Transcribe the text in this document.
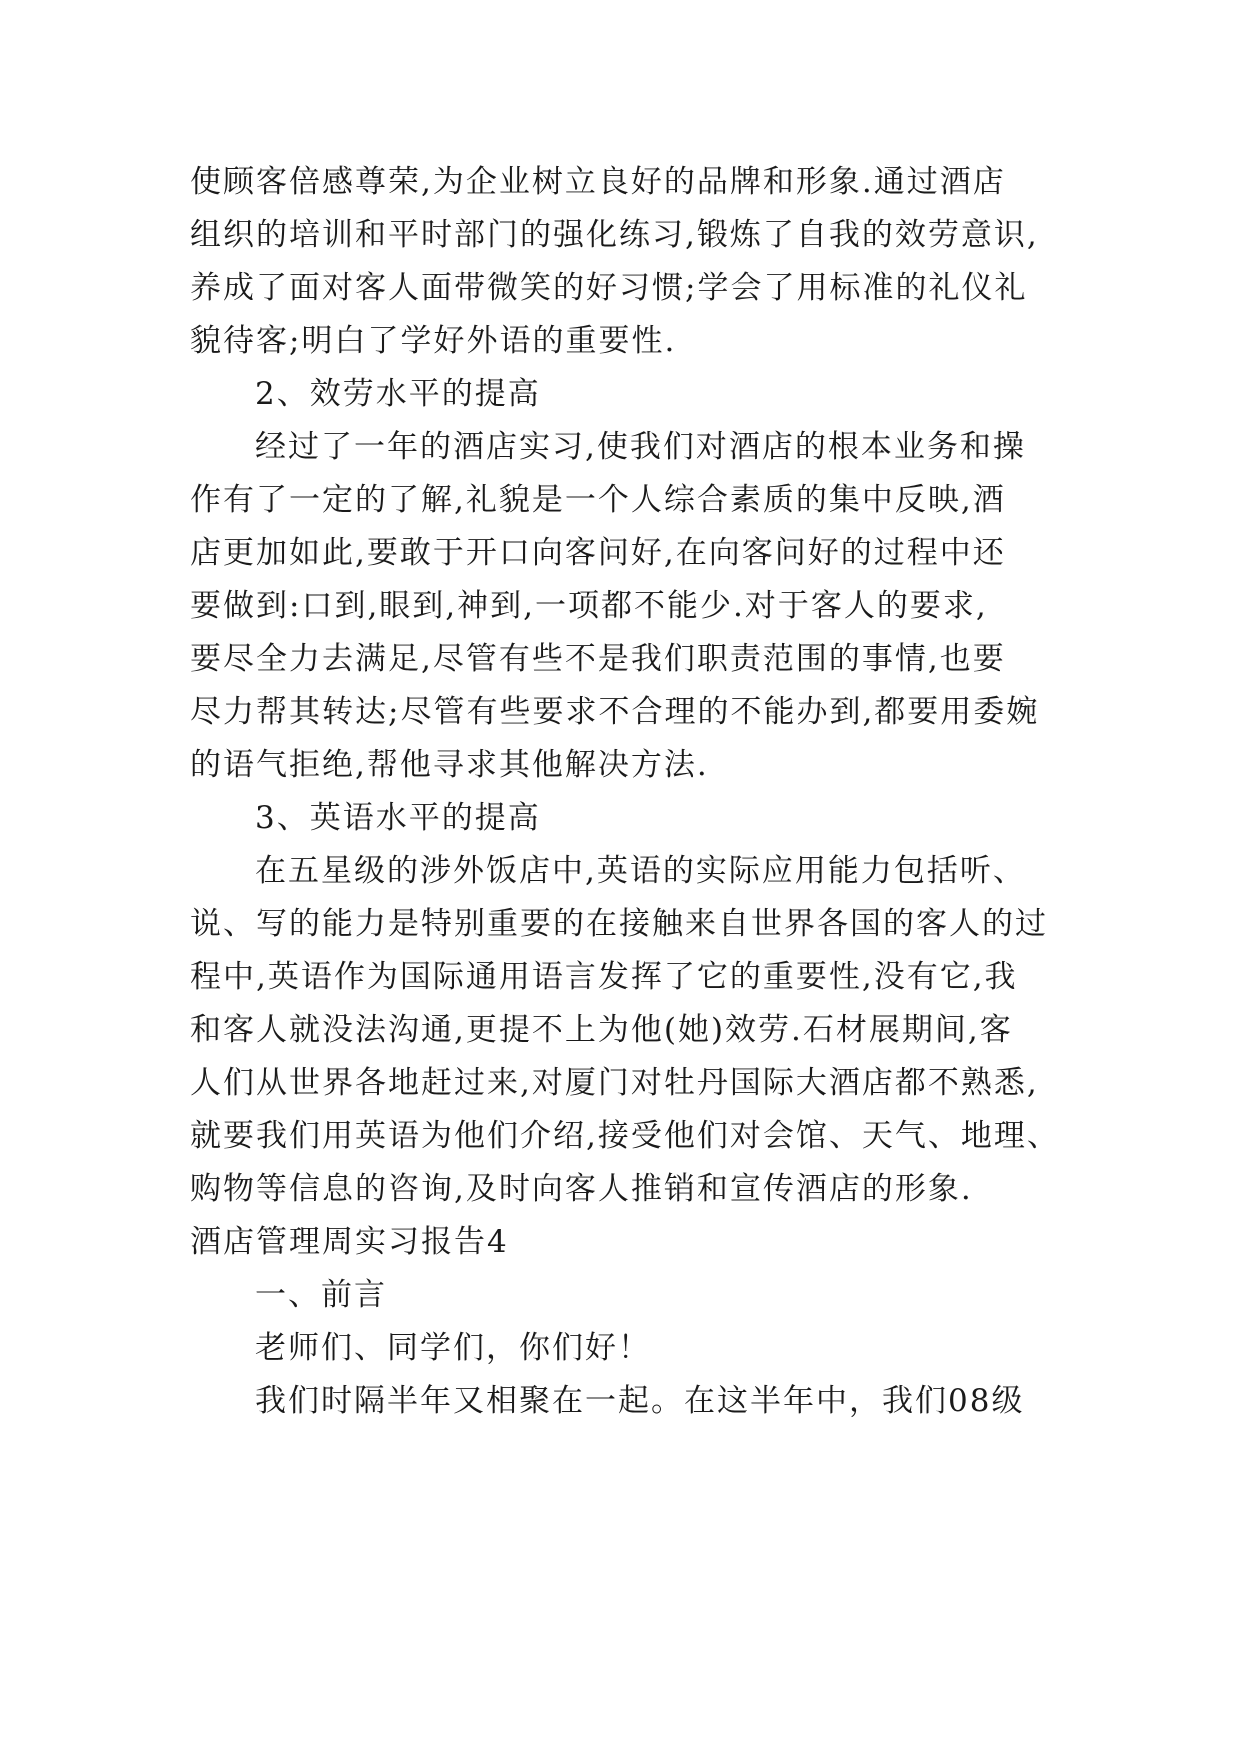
使顾客倍感尊荣,为企业树立良好的品牌和形象.通过酒店
组织的培训和平时部门的强化练习,锻炼了自我的效劳意识,
养成了面对客人面带微笑的好习惯;学会了用标准的礼仪礼
貌待客;明白了学好外语的重要性.
2、效劳水平的提高
经过了一年的酒店实习,使我们对酒店的根本业务和操
作有了一定的了解,礼貌是一个人综合素质的集中反映,酒
店更加如此,要敢于开口向客问好,在向客问好的过程中还
要做到:口到,眼到,神到,一项都不能少.对于客人的要求,
要尽全力去满足,尽管有些不是我们职责范围的事情,也要
尽力帮其转达;尽管有些要求不合理的不能办到,都要用委婉
的语气拒绝,帮他寻求其他解决方法.
3、英语水平的提高
在五星级的涉外饭店中,英语的实际应用能力包括听、
说、写的能力是特别重要的在接触来自世界各国的客人的过
程中,英语作为国际通用语言发挥了它的重要性,没有它,我
和客人就没法沟通,更提不上为他(她)效劳.石材展期间,客
人们从世界各地赶过来,对厦门对牡丹国际大酒店都不熟悉,
就要我们用英语为他们介绍,接受他们对会馆、天气、地理、
购物等信息的咨询,及时向客人推销和宣传酒店的形象.
酒店管理周实习报告4
一、前言
老师们、同学们，你们好！
我们时隔半年又相聚在一起。在这半年中，我们08级
